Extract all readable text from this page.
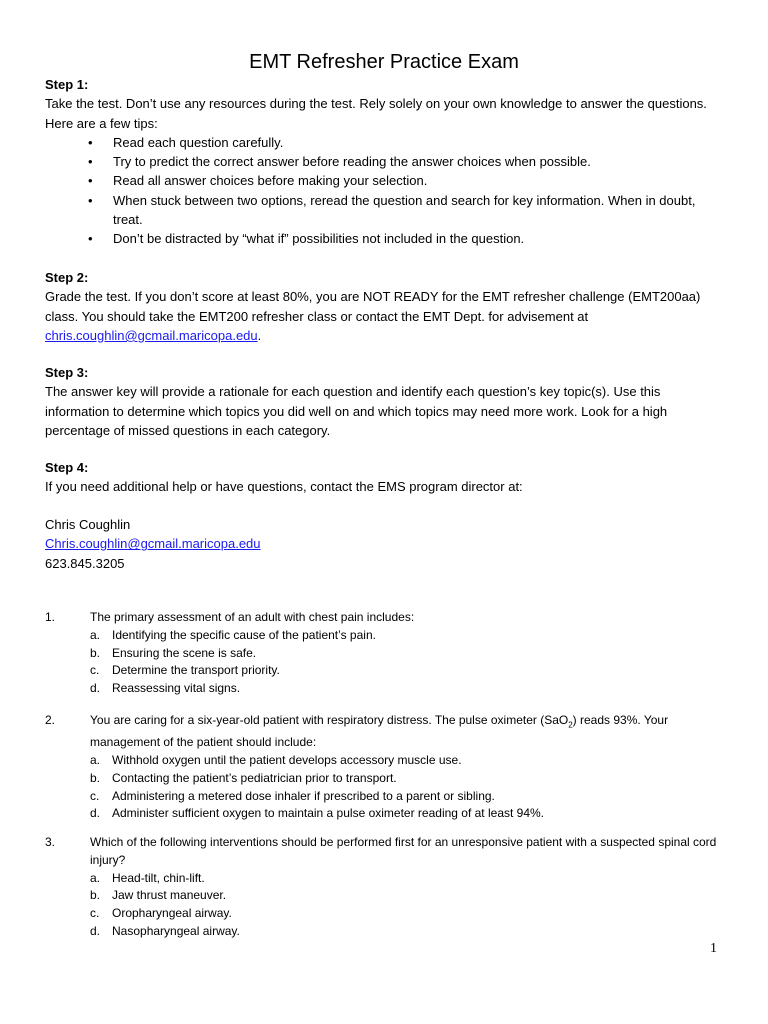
EMT Refresher Practice Exam
Step 1:

Take the test. Don’t use any resources during the test. Rely solely on your own knowledge to answer the questions. Here are a few tips:

• Read each question carefully.
• Try to predict the correct answer before reading the answer choices when possible.
• Read all answer choices before making your selection.
• When stuck between two options, reread the question and search for key information. When in doubt, treat.
• Don’t be distracted by “what if” possibilities not included in the question.
Step 2:

Grade the test. If you don’t score at least 80%, you are NOT READY for the EMT refresher challenge (EMT200aa) class. You should take the EMT200 refresher class or contact the EMT Dept. for advisement at chris.coughlin@gcmail.maricopa.edu.

Step 3:

The answer key will provide a rationale for each question and identify each question’s key topic(s). Use this information to determine which topics you did well on and which topics may need more work. Look for a high percentage of missed questions in each category.

Step 4:

If you need additional help or have questions, contact the EMS program director at:

Chris Coughlin
Chris.coughlin@gcmail.maricopa.edu
623.845.3205
1.	The primary assessment of an adult with chest pain includes:
a. Identifying the specific cause of the patient’s pain.
b. Ensuring the scene is safe.
c. Determine the transport priority.
d. Reassessing vital signs.
2.	You are caring for a six-year-old patient with respiratory distress. The pulse oximeter (SaO$_2$) reads 93%. Your management of the patient should include:
a. Withhold oxygen until the patient develops accessory muscle use.
b. Contacting the patient’s pediatrician prior to transport.
c. Administering a metered dose inhaler if prescribed to a parent or sibling.
d. Administer sufficient oxygen to maintain a pulse oximeter reading of at least 94%.
3.	Which of the following interventions should be performed first for an unresponsive patient with a suspected spinal cord injury?
a. Head-tilt, chin-lift.
b. Jaw thrust maneuver.
c. Oropharyngeal airway.
d. Nasopharyngeal airway.
1
